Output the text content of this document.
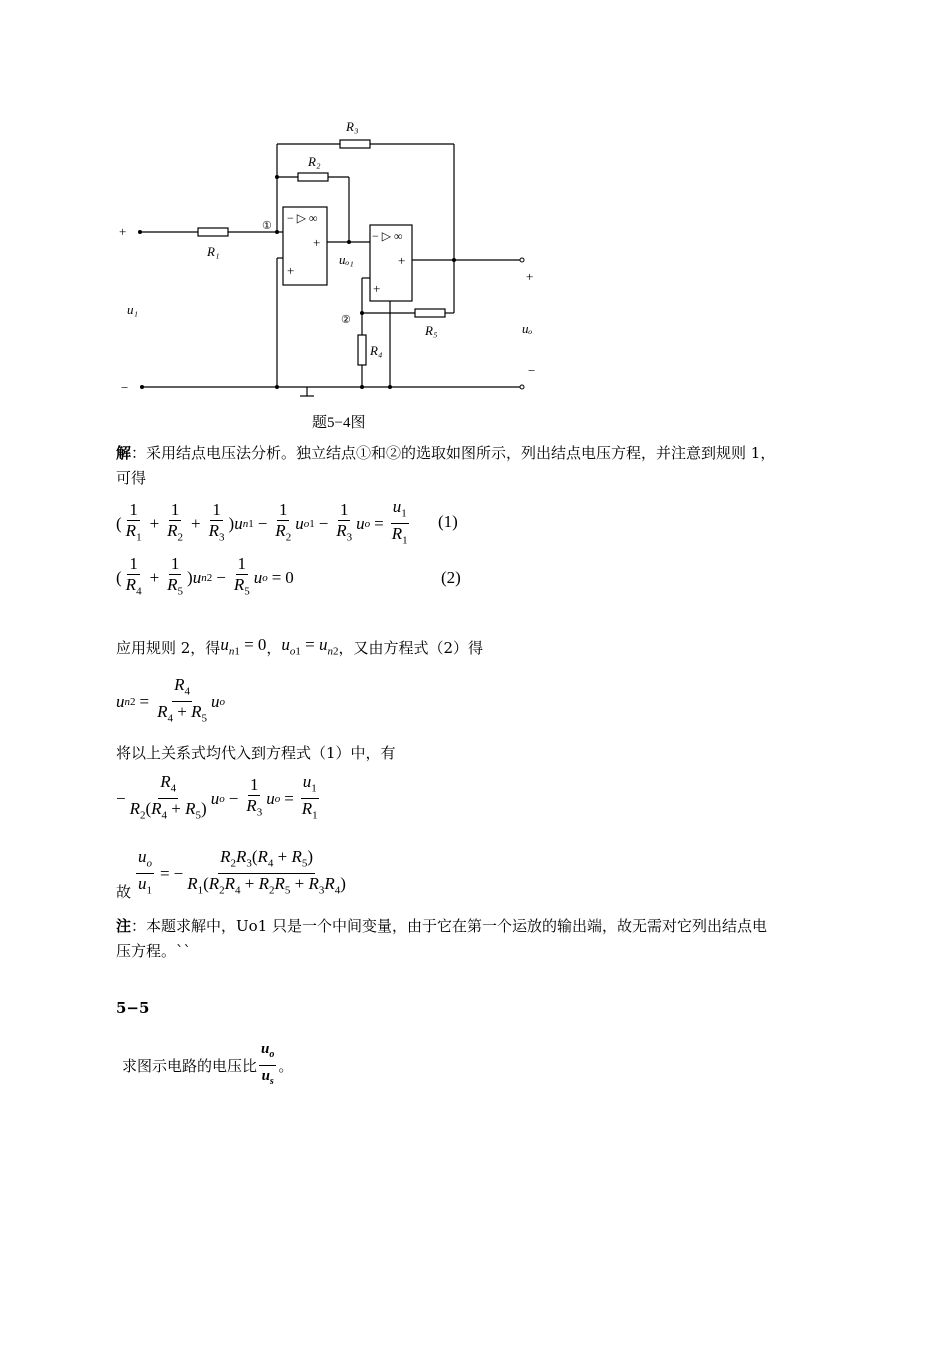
R₃
R₂
R₁
R₅
R₄
①
②
u₁
uₒ
uₒ₁
+
−
+
−
− ▷ ∞
+
+
− ▷ ∞
+
+
题5−4图
解：采用结点电压法分析。独立结点①和②的选取如图所示，列出结点电压方程，并注意到规则 1，
可得
( $\frac{1}{R_1} + \frac{1}{R_2} + \frac{1}{R_3}$ ) u $n1 - \frac{1}{R_2}$ u $o1 - \frac{1}{R_3}$ u $o = \frac{u_1}{R_1} (1)$
( $\frac{1}{R_4} + \frac{1}{R_5}$ ) u $n2 - \frac{1}{R_5}$ u o = 0	(2)
应用规则 2，得 $u_{n1} = 0$ ， $u_{o1} = u_{n2}$ ，又由方程式（2）得
u $n2 = \frac{R_4}{R_4 + R_5}$ u o
将以上关系式均代入到方程式（1）中，有
− $\frac{R_4}{R_2(R_4 + R_5)}$ u $o - \frac{1}{R_3}$ u $o = \frac{u_1}{R_1}$
故 $\frac{u_o}{u_1}$ = − $\frac{R_2R_3(R_4 + R_5)}{R_1(R_2R_4 + R_2R_5 + R_3R_4)}$
注：本题求解中，Uo1 只是一个中间变量，由于它在第一个运放的输出端，故无需对它列出结点电
压方程。``
5−5
求图示电路的电压比 $\frac{u_o}{u_s}$ 。
